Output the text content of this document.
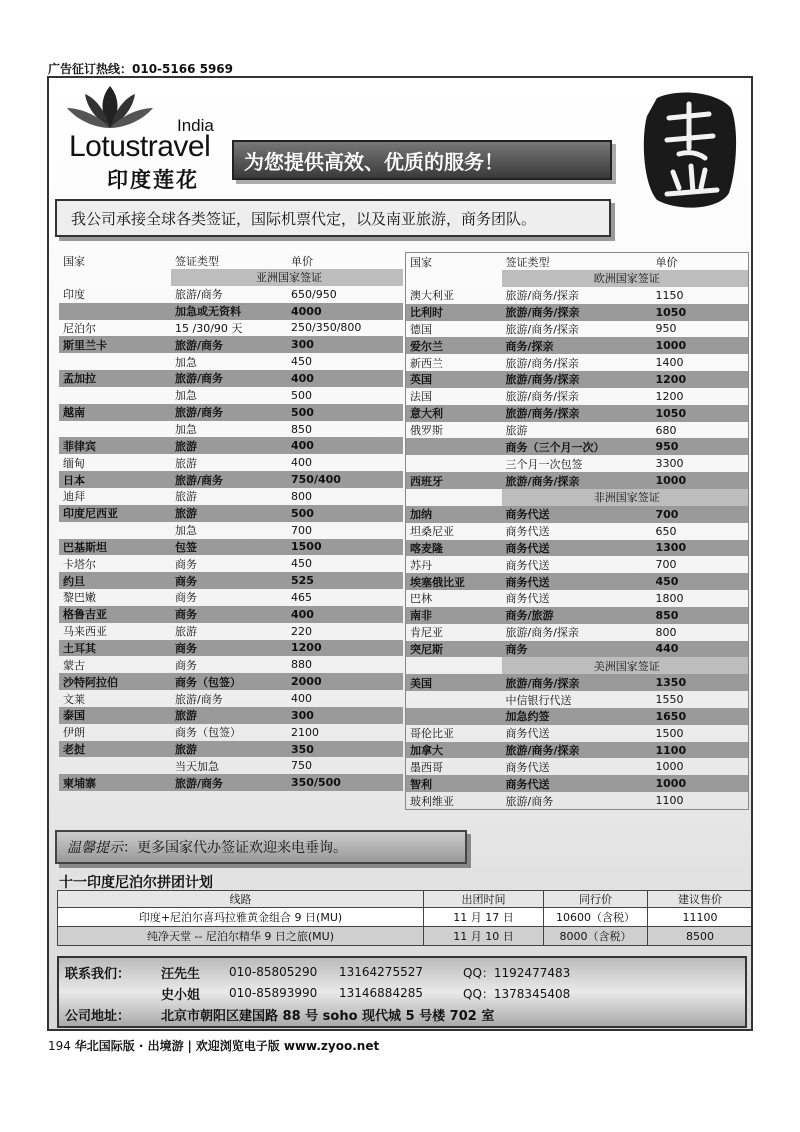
广告征订热线：010-5166 5969
India
Lotustravel
印度莲花
为您提供高效、优质的服务！
我公司承接全球各类签证，国际机票代定，以及南亚旅游，商务团队。
国家	签证类型	单价
	亚洲国家签证	
印度	旅游/商务	650/950
	加急或无资料	4000
尼泊尔	15 /30/90 天	250/350/800
斯里兰卡	旅游/商务	300
	加急	450
孟加拉	旅游/商务	400
	加急	500
越南	旅游/商务	500
	加急	850
菲律宾	旅游	400
缅甸	旅游	400
日本	旅游/商务	750/400
迪拜	旅游	800
印度尼西亚	旅游	500
	加急	700
巴基斯坦	包签	1500
卡塔尔	商务	450
约旦	商务	525
黎巴嫩	商务	465
格鲁吉亚	商务	400
马来西亚	旅游	220
土耳其	商务	1200
蒙古	商务	880
沙特阿拉伯	商务（包签）	2000
文莱	旅游/商务	400
泰国	旅游	300
伊朗	商务（包签）	2100
老挝	旅游	350
	当天加急	750
柬埔寨	旅游/商务	350/500
国家	签证类型	单价
	欧洲国家签证	
澳大利亚	旅游/商务/探亲	1150
比利时	旅游/商务/探亲	1050
德国	旅游/商务/探亲	950
爱尔兰	商务/探亲	1000
新西兰	旅游/商务/探亲	1400
英国	旅游/商务/探亲	1200
法国	旅游/商务/探亲	1200
意大利	旅游/商务/探亲	1050
俄罗斯	旅游	680
	商务（三个月一次）	950
	三个月一次包签	3300
西班牙	旅游/商务/探亲	1000
	非洲国家签证	
加纳	商务代送	700
坦桑尼亚	商务代送	650
喀麦隆	商务代送	1300
苏丹	商务代送	700
埃塞俄比亚	商务代送	450
巴林	商务代送	1800
南非	商务/旅游	850
肯尼亚	旅游/商务/探亲	800
突尼斯	商务	440
	美洲国家签证	
美国	旅游/商务/探亲	1350
	中信银行代送	1550
	加急约签	1650
哥伦比亚	商务代送	1500
加拿大	旅游/商务/探亲	1100
墨西哥	商务代送	1000
智利	商务代送	1000
玻利维亚	旅游/商务	1100
温馨提示 ：更多国家代办签证欢迎来电垂询。
十一印度尼泊尔拼团计划
线路	出团时间	同行价	建议售价
印度+尼泊尔喜玛拉雅黄金组合 9 日(MU)	11 月 17 日	10600（含税）	11100
纯净天堂 -- 尼泊尔精华 9 日之旅(MU)	11 月 10 日	8000（含税）	8500
联系我们：	汪先生	010-85805290	13164275527	QQ：1192477483
史小姐	010-85893990	13146884285	QQ：1378345408
公司地址：	北京市朝阳区建国路 88 号 soho 现代城 5 号楼 702 室
194 华北国际版 · 出境游 | 欢迎浏览电子版 www.zyoo.net
